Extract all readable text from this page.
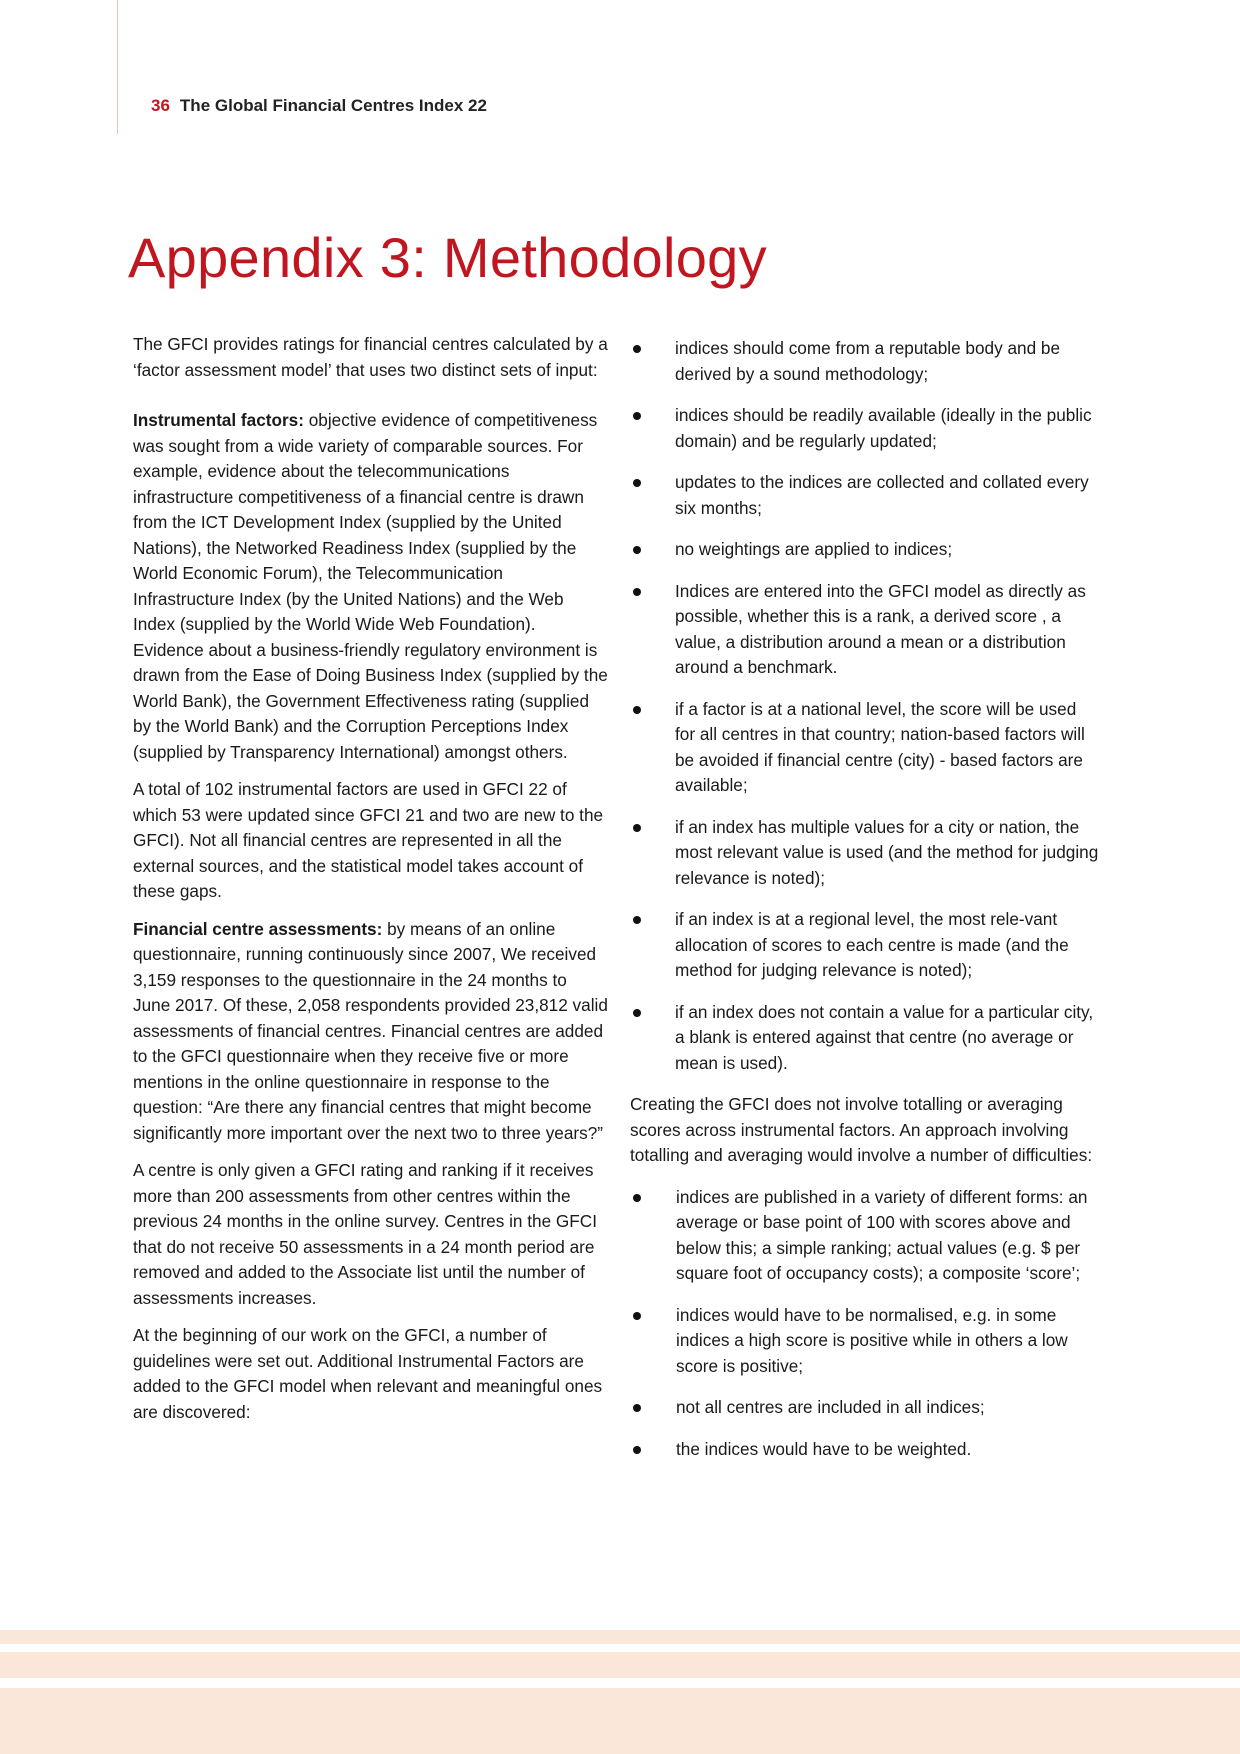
36 The Global Financial Centres Index 22
Appendix 3: Methodology

The GFCI provides ratings for financial centres calculated by a ‘factor assessment model’ that uses two distinct sets of input:

Instrumental factors: objective evidence of competitiveness was sought from a wide variety of comparable sources. For example, evidence about the telecommunications infrastructure competitiveness of a financial centre is drawn from the ICT Development Index (supplied by the United Nations), the Networked Readiness Index (supplied by the World Economic Forum), the Telecommunication Infrastructure Index (by the United Nations) and the Web Index (supplied by the World Wide Web Foundation). Evidence about a business-friendly regulatory environment is drawn from the Ease of Doing Business Index (supplied by the World Bank), the Government Effectiveness rating (supplied by the World Bank) and the Corruption Perceptions Index (supplied by Transparency International) amongst others.

A total of 102 instrumental factors are used in GFCI 22 of which 53 were updated since GFCI 21 and two are new to the GFCI). Not all financial centres are represented in all the external sources, and the statistical model takes account of these gaps.

Financial centre assessments: by means of an online questionnaire, running continuously since 2007, We received 3,159 responses to the questionnaire in the 24 months to June 2017. Of these, 2,058 respondents provided 23,812 valid assessments of financial centres. Financial centres are added to the GFCI questionnaire when they receive five or more mentions in the online questionnaire in response to the question: “Are there any financial centres that might become significantly more important over the next two to three years?”

A centre is only given a GFCI rating and ranking if it receives more than 200 assessments from other centres within the previous 24 months in the online survey. Centres in the GFCI that do not receive 50 assessments in a 24 month period are removed and added to the Associate list until the number of assessments increases.

At the beginning of our work on the GFCI, a number of guidelines were set out. Additional Instrumental Factors are added to the GFCI model when relevant and meaningful ones are discovered:

indices should come from a reputable body and be derived by a sound methodology;
indices should be readily available (ideally in the public domain) and be regularly updated;
updates to the indices are collected and collated every six months;
no weightings are applied to indices;
Indices are entered into the GFCI model as directly as possible, whether this is a rank, a derived score , a value, a distribution around a mean or a distribution around a benchmark.
if a factor is at a national level, the score will be used for all centres in that country; nation-based factors will be avoided if financial centre (city) - based factors are available;
if an index has multiple values for a city or nation, the most relevant value is used (and the method for judging relevance is noted);
if an index is at a regional level, the most rele-vant allocation of scores to each centre is made (and the method for judging relevance is noted);
if an index does not contain a value for a particular city, a blank is entered against that centre (no average or mean is used).

Creating the GFCI does not involve totalling or averaging scores across instrumental factors. An approach involving totalling and averaging would involve a number of difficulties:

indices are published in a variety of different forms: an average or base point of 100 with scores above and below this; a simple ranking; actual values (e.g. $ per square foot of occupancy costs); a composite ‘score’;
indices would have to be normalised, e.g. in some indices a high score is positive while in others a low score is positive;
not all centres are included in all indices;
the indices would have to be weighted.
